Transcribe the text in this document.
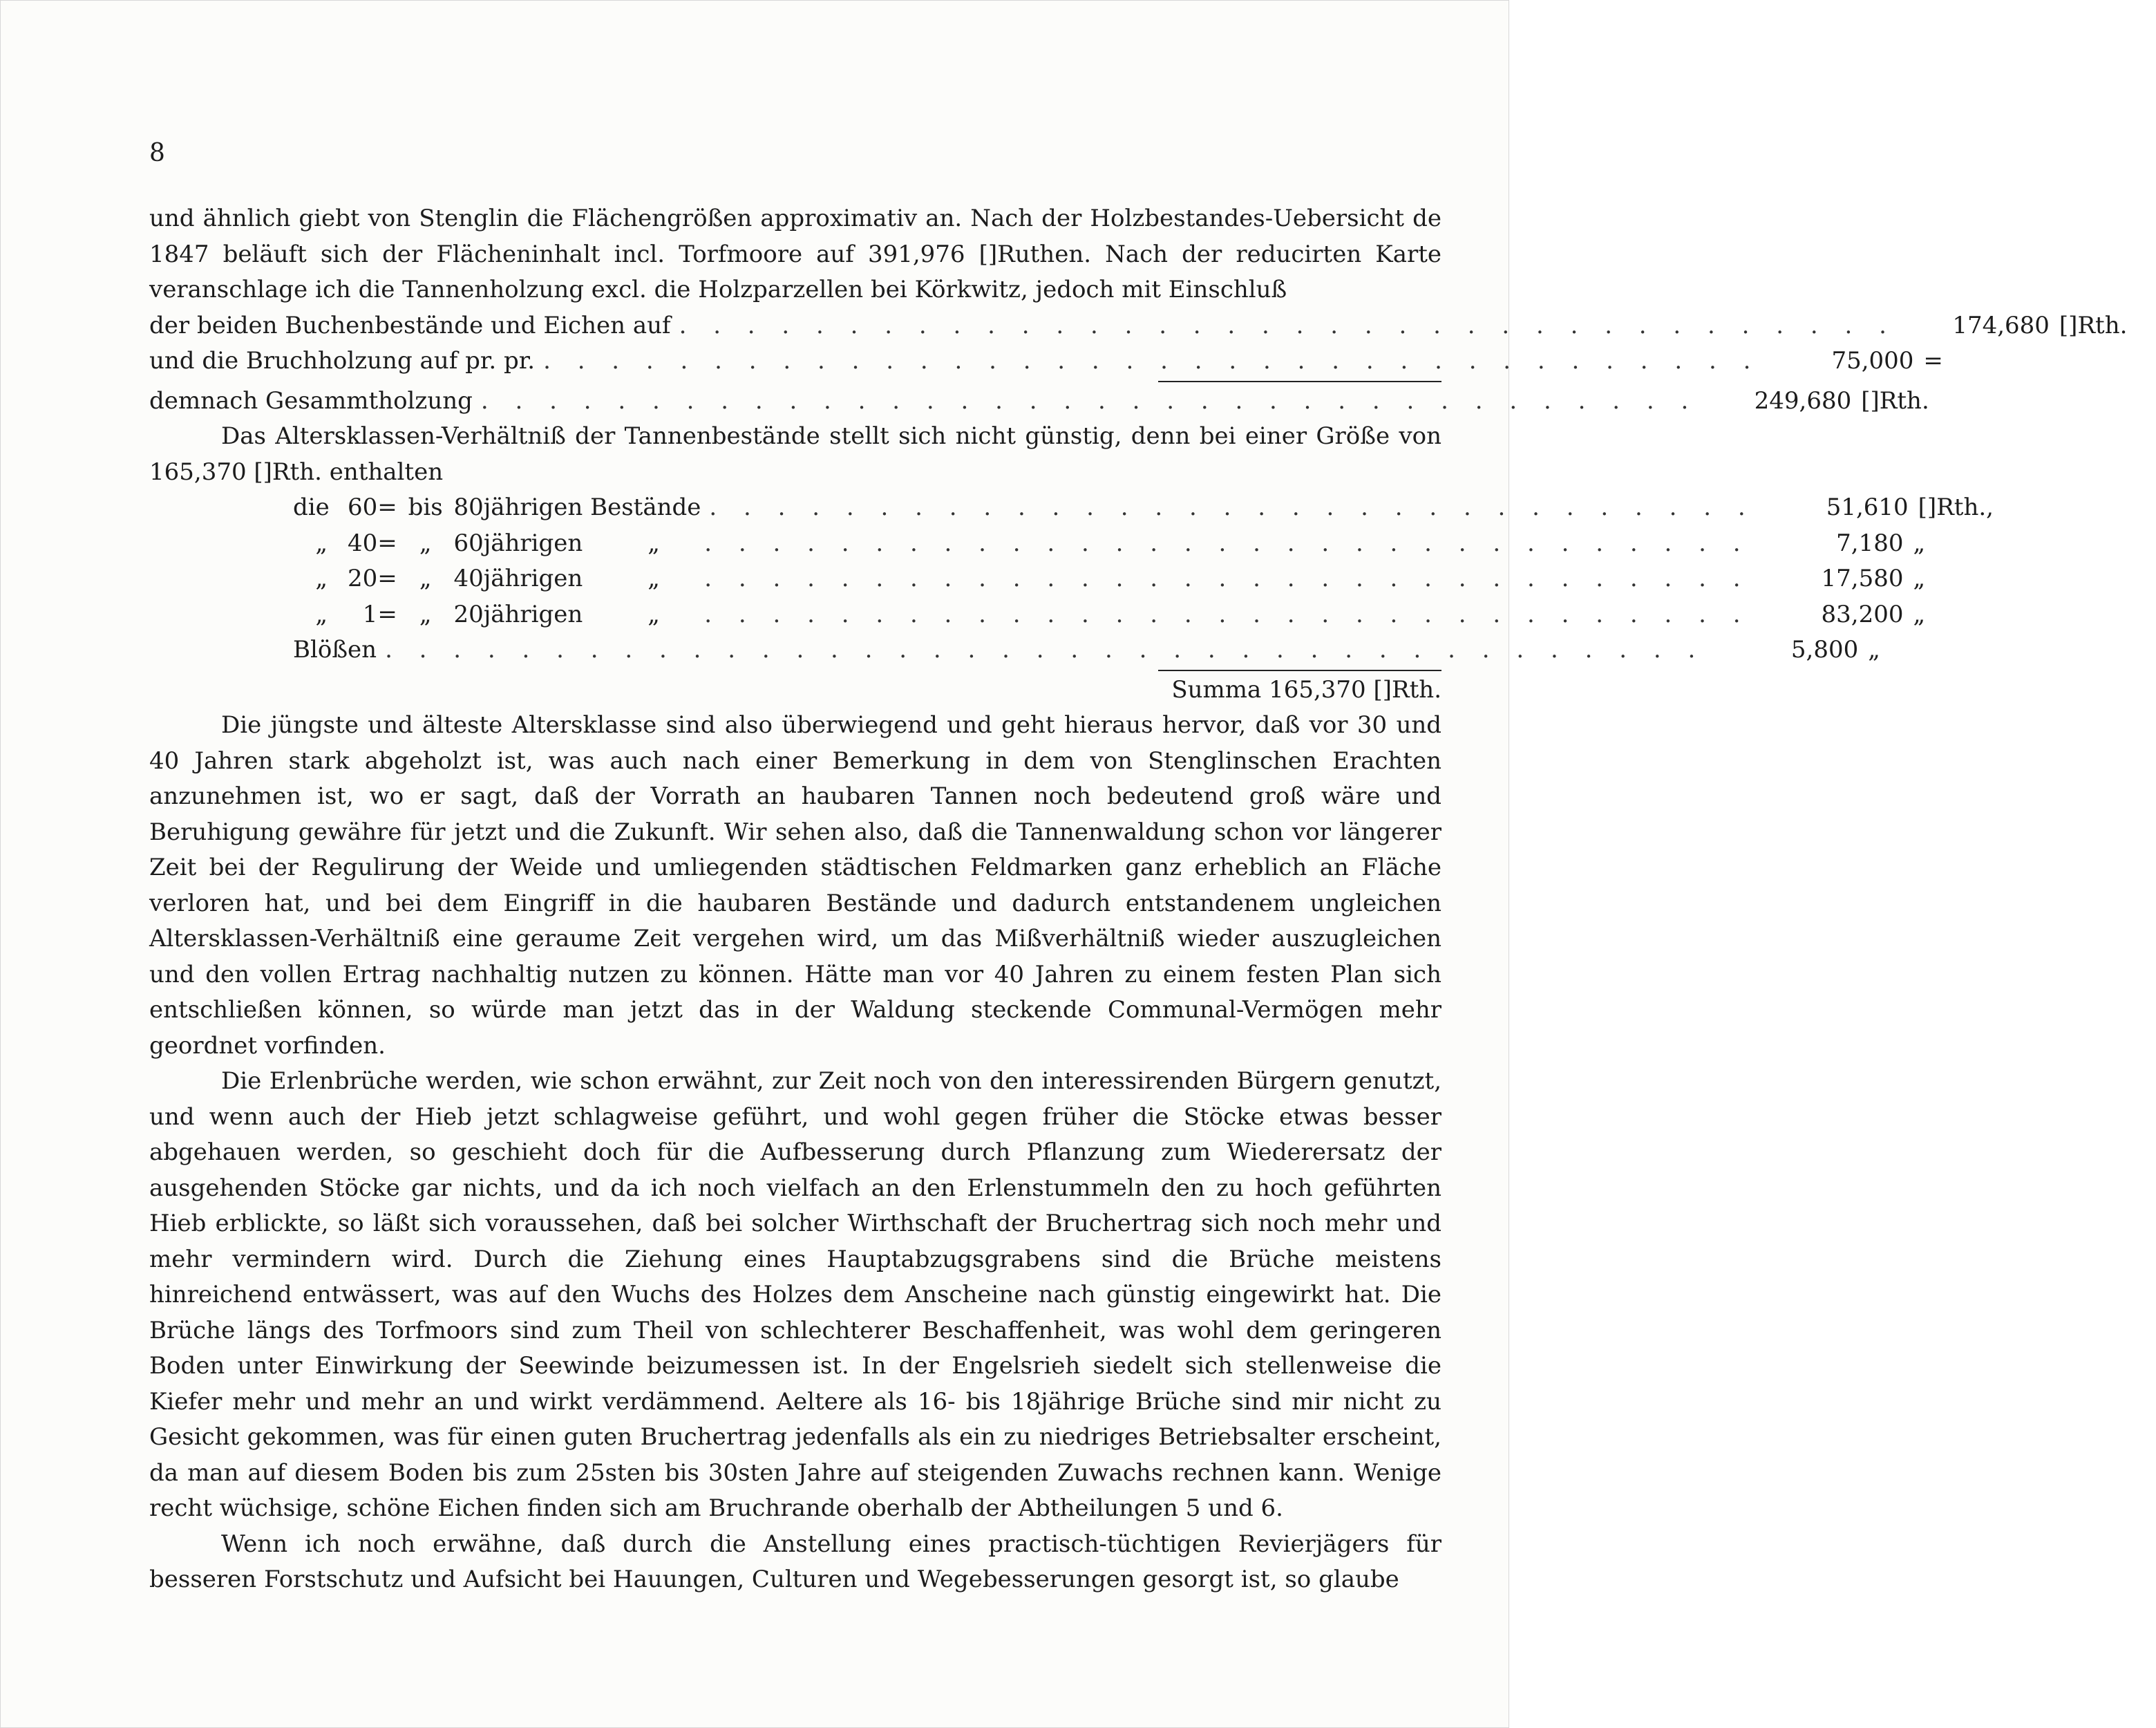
8

und ähnlich giebt von Stenglin die Flächengrößen approximativ an. Nach der Holzbestandes-Uebersicht de 1847 beläuft sich der Flächeninhalt incl. Torfmoore auf 391,976 []Ruthen. Nach der reducirten Karte veranschlage ich die Tannenholzung excl. die Holzparzellen bei Körkwitz, jedoch mit Einschluß

der beiden Buchenbestände und Eichen auf . . . . . . . . . . . . . . . . . . . . . . . . . . . . . . . . . . . .	174,680 []Rth.
und die Bruchholzung auf pr. pr. . . . . . . . . . . . . . . . . . . . . . . . . . . . . . . . . . . . .	75,000 =
demnach Gesammtholzung . . . . . . . . . . . . . . . . . . . . . . . . . . . . . . . . . . . .	249,680 []Rth.

Das Altersklassen-Verhältniß der Tannenbestände stellt sich nicht günstig, denn bei einer Größe von 165,370 []Rth. enthalten

die 60= bis 80jährigen Bestände . . . . . . . . . . . . . . . . . . . . . . . . . . . . . . .	51,610 []Rth.,
„ 40= „ 60jährigen	„	. . . . . . . . . . . . . . . . . . . . . . . . . . . . . . .	7,180 „
„ 20= „ 40jährigen	„	. . . . . . . . . . . . . . . . . . . . . . . . . . . . . . .	17,580 „
„ 1= „ 20jährigen	„	. . . . . . . . . . . . . . . . . . . . . . . . . . . . . . .	83,200 „
Blößen . . . . . . . . . . . . . . . . . . . . . . . . . . . . . . . . . . . . . . .	5,800 „
Summa 165,370 []Rth.

Die jüngste und älteste Altersklasse sind also überwiegend und geht hieraus hervor, daß vor 30 und 40 Jahren stark abgeholzt ist, was auch nach einer Bemerkung in dem von Stenglinschen Erachten anzunehmen ist, wo er sagt, daß der Vorrath an haubaren Tannen noch bedeutend groß wäre und Beruhigung gewähre für jetzt und die Zukunft. Wir sehen also, daß die Tannenwaldung schon vor längerer Zeit bei der Regulirung der Weide und umliegenden städtischen Feldmarken ganz erheblich an Fläche verloren hat, und bei dem Eingriff in die haubaren Bestände und dadurch entstandenem ungleichen Altersklassen-Verhältniß eine geraume Zeit vergehen wird, um das Mißverhältniß wieder auszugleichen und den vollen Ertrag nachhaltig nutzen zu können. Hätte man vor 40 Jahren zu einem festen Plan sich entschließen können, so würde man jetzt das in der Waldung steckende Communal-Vermögen mehr geordnet vorfinden.

Die Erlenbrüche werden, wie schon erwähnt, zur Zeit noch von den interessirenden Bürgern genutzt, und wenn auch der Hieb jetzt schlagweise geführt, und wohl gegen früher die Stöcke etwas besser abgehauen werden, so geschieht doch für die Aufbesserung durch Pflanzung zum Wiederersatz der ausgehenden Stöcke gar nichts, und da ich noch vielfach an den Erlenstummeln den zu hoch geführten Hieb erblickte, so läßt sich voraussehen, daß bei solcher Wirthschaft der Bruchertrag sich noch mehr und mehr vermindern wird. Durch die Ziehung eines Hauptabzugsgrabens sind die Brüche meistens hinreichend entwässert, was auf den Wuchs des Holzes dem Anscheine nach günstig eingewirkt hat. Die Brüche längs des Torfmoors sind zum Theil von schlechterer Beschaffenheit, was wohl dem geringeren Boden unter Einwirkung der Seewinde beizumessen ist. In der Engelsrieh siedelt sich stellenweise die Kiefer mehr und mehr an und wirkt verdämmend. Aeltere als 16- bis 18jährige Brüche sind mir nicht zu Gesicht gekommen, was für einen guten Bruchertrag jedenfalls als ein zu niedriges Betriebsalter erscheint, da man auf diesem Boden bis zum 25sten bis 30sten Jahre auf steigenden Zuwachs rechnen kann. Wenige recht wüchsige, schöne Eichen finden sich am Bruchrande oberhalb der Abtheilungen 5 und 6.

Wenn ich noch erwähne, daß durch die Anstellung eines practisch-tüchtigen Revierjägers für besseren Forstschutz und Aufsicht bei Hauungen, Culturen und Wegebesserungen gesorgt ist, so glaube
